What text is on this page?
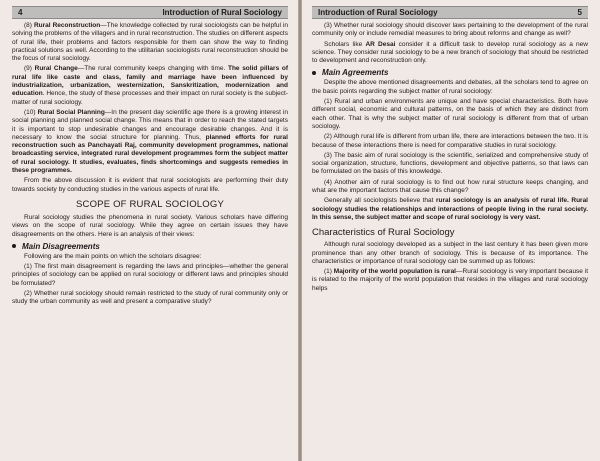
4	Introduction of Rural Sociology

(8) Rural Reconstruction—The knowledge collected by rural sociologists can be helpful in solving the problems of the villagers and in rural reconstruction. The studies on different aspects of rural life, their problems and factors responsible for them can show the way to finding practical solutions as well. According to the utilitarian sociologists rural reconstruction should be the focus of rural sociology.

(9) Rural Change—The rural community keeps changing with time. The solid pillars of rural life like caste and class, family and marriage have been influenced by industrialization, urbanization, westernization, Sanskritization, modernization and education. Hence, the study of these processes and their impact on rural society is the subject-matter of rural sociology.

(10) Rural Social Planning—In the present day scientific age there is a growing interest in social planning and planned social change. This means that in order to reach the stated targets it is important to stop undesirable changes and encourage desirable changes. And it is necessary to know the social structure for planning. Thus, planned efforts for rural reconstruction such as Panchayati Raj, community development programmes, national broadcasting service, integrated rural development programmes form the subject matter of rural sociology. It studies, evaluates, finds shortcomings and suggests remedies in these programmes.

From the above discussion it is evident that rural sociologists are performing their duty towards society by conducting studies in the various aspects of rural life.

SCOPE OF RURAL SOCIOLOGY

Rural sociology studies the phenomena in rural society. Various scholars have differing views on the scope of rural sociology. While they agree on certain issues they have disagreements on the others. Here is an analysis of their views:

Main Disagreements

Following are the main points on which the scholars disagree:

(1) The first main disagreement is regarding the laws and principles—whether the general principles of sociology can be applied on rural sociology or different laws and principles should be formulated?

(2) Whether rural sociology should remain restricted to the study of rural community only or study the urban community as well and present a comparative study?

Introduction of Rural Sociology	5

(3) Whether rural sociology should discover laws pertaining to the development of the rural community only or include remedial measures to bring about reforms and change as well?

Scholars like AR Desai consider it a difficult task to develop rural sociology as a new science. They consider rural sociology to be a new branch of sociology that should be restricted to development and reconstruction only.

Main Agreements

Despite the above mentioned disagreements and debates, all the scholars tend to agree on the basic points regarding the subject matter of rural sociology:

(1) Rural and urban environments are unique and have special characteristics. Both have different social, economic and cultural patterns, on the basis of which they are distinct from each other. That is why the subject matter of rural sociology is different from that of urban sociology.

(2) Although rural life is different from urban life, there are interactions between the two. It is because of these interactions there is need for comparative studies in rural sociology.

(3) The basic aim of rural sociology is the scientific, serialized and comprehensive study of social organization, structure, functions, development and objective patterns, so that laws can be formulated on the basis of this knowledge.

(4) Another aim of rural sociology is to find out how rural structure keeps changing, and what are the important factors that cause this change?

Generally all sociologists believe that rural sociology is an analysis of rural life. Rural sociology studies the relationships and interactions of people living in the rural society. In this sense, the subject matter and scope of rural sociology is very vast.

Characteristics of Rural Sociology

Although rural sociology developed as a subject in the last century it has been given more prominence than any other branch of sociology. This is because of its importance. The characteristics or importance of rural sociology can be summed up as follows:

(1) Majority of the world population is rural—Rural sociology is very important because it is related to the majority of the world population that resides in the villages and rural sociology helps
